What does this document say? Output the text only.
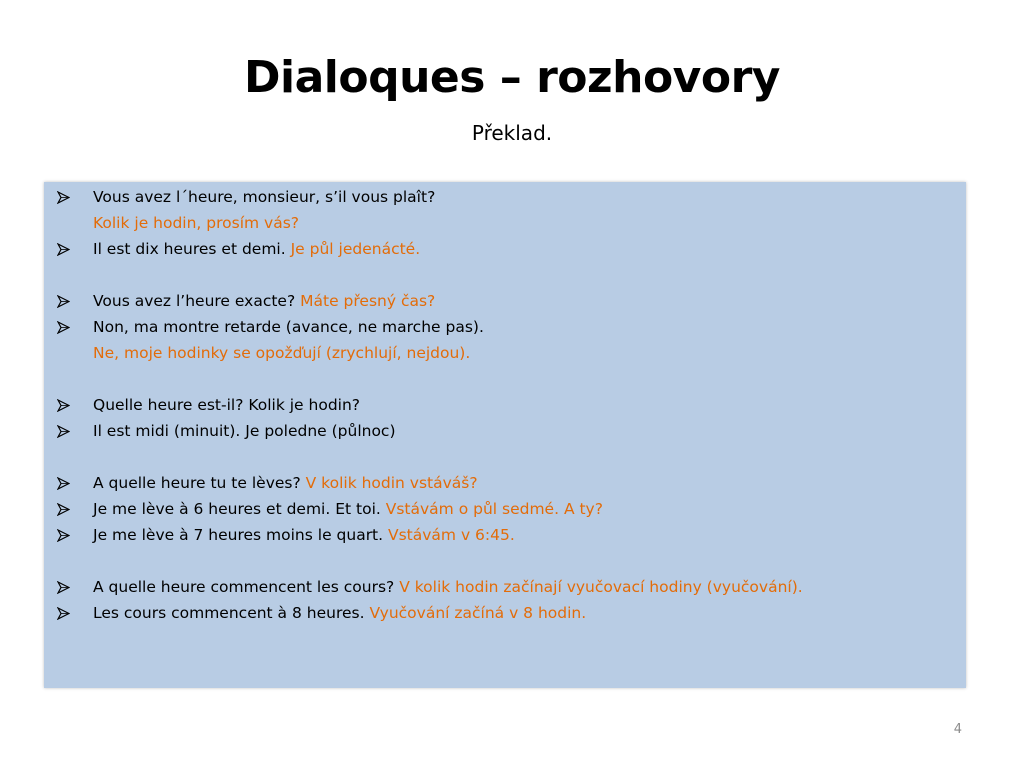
Dialoques – rozhovory
Překlad.
Vous avez l´heure, monsieur, s’il vous plaît?
Kolik je hodin, prosím vás?
Il est dix heures et demi. Je půl jedenácté.
Vous avez l’heure exacte? Máte přesný čas?
Non, ma montre retarde (avance, ne marche pas).
Ne, moje hodinky se opožďují (zrychlují, nejdou).
Quelle heure est-il? Kolik je hodin?
Il est midi (minuit). Je poledne (půlnoc)
A quelle heure tu te lèves? V kolik hodin vstáváš?
Je me lève à 6 heures et demi. Et toi. Vstávám o půl sedmé. A ty?
Je me lève à 7 heures moins le quart. Vstávám v 6:45.
A quelle heure commencent les cours? V kolik hodin začínají vyučovací hodiny (vyučování).
Les cours commencent à 8 heures. Vyučování začíná v 8 hodin.
4
